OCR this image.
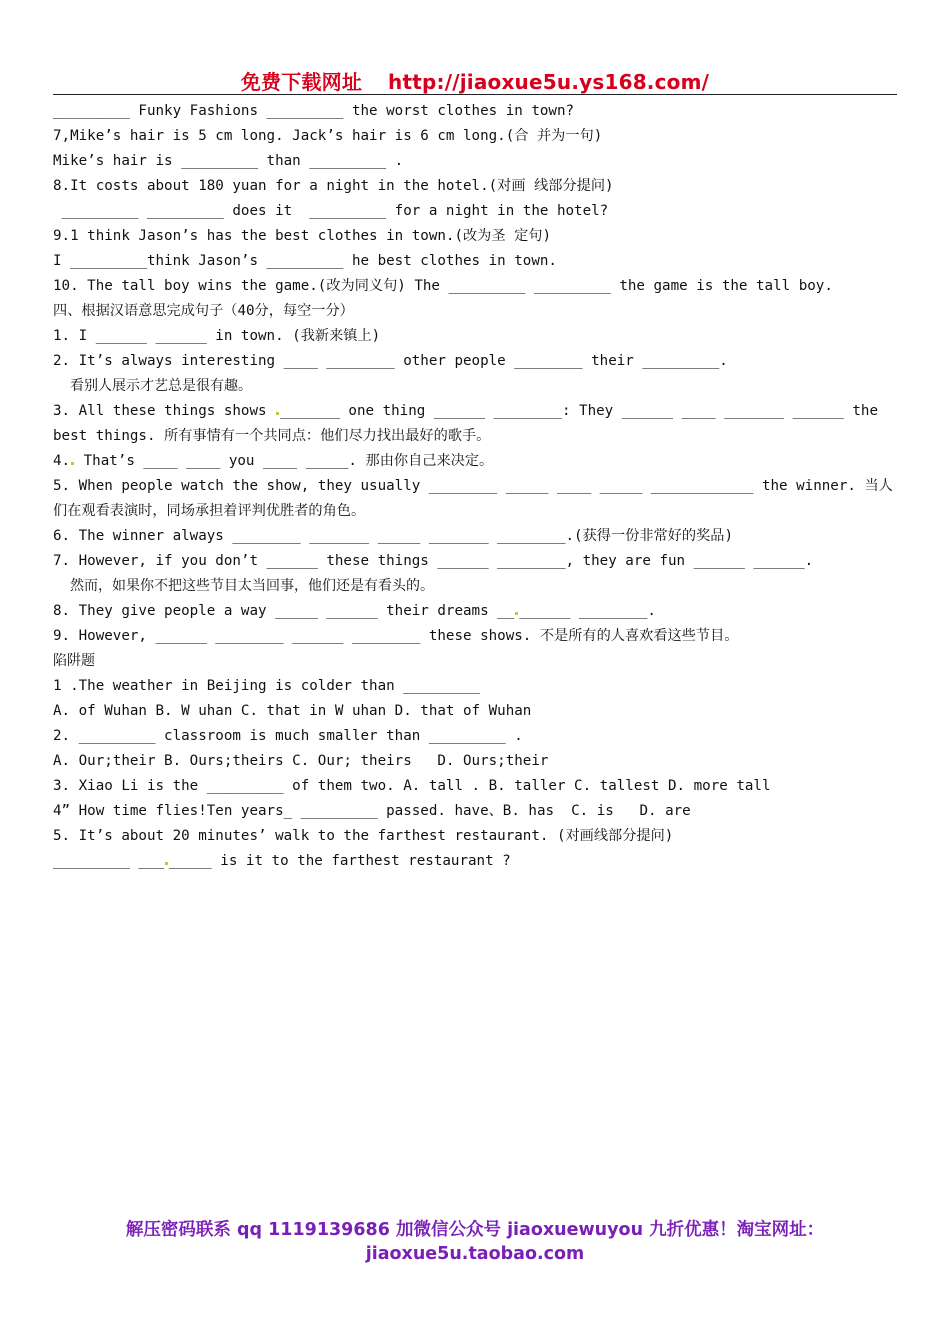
免费下载网址 http://jiaoxue5u.ys168.com/
_________ Funky Fashions _________ the worst clothes in town?
7,Mike’s hair is 5 cm long. Jack’s hair is 6 cm long.(合 并为一句)
Mike’s hair is _________ than _________ .
8.It costs about 180 yuan for a night in the hotel.(对画 线部分提问)
_________ _________ does it  _________ for a night in the hotel?
9.1 think Jason’s has the best clothes in town.(改为圣 定句)
I _________think Jason’s _________ he best clothes in town.
10. The tall boy wins the game.(改为同义句) The _________ _________ the game is the tall boy.
四、根据汉语意思完成句子（40分，每空一分）
1. I ______ ______ in town. (我新来镇上)
2. It’s always interesting ____ ________ other people ________ their _________.
看别人展示才艺总是很有趣。
3. All these things shows _______ one thing ______ ________: They ______ ____ _______ ______ the
best things. 所有事情有一个共同点：他们尽力找出最好的歌手。
4. That’s ____ ____ you ____ _____. 那由你自己来决定。
5. When people watch the show, they usually ________ _____ ____ _____ ____________ the winner. 当人
们在观看表演时，同场承担着评判优胜者的角色。
6. The winner always ________ _______ _____ _______ ________.(获得一份非常好的奖品)
7. However, if you don’t ______ these things ______ ________, they are fun ______ ______.
然而，如果你不把这些节目太当回事，他们还是有看头的。
8. They give people a way _____ ______ their dreams __ ______ ________.
9. However, ______ ________ ______ ________ these shows. 不是所有的人喜欢看这些节目。
陷阱题
1 .The weather in Beijing is colder than _________
A. of Wuhan B. W uhan C. that in W uhan D. that of Wuhan
2. _________ classroom is much smaller than _________ .
A. Our;their B. Ours;theirs C. Our; theirs   D. Ours;their
3. Xiao Li is the _________ of them two. A. tall . B. taller C. tallest D. more tall
4” How time flies!Ten years_ _________ passed. have、B. has  C. is   D. are
5. It’s about 20 minutes’ walk to the farthest restaurant. (对画线部分提问)
_________ ___ _____ is it to the farthest restaurant ?
解压密码联系 qq 1119139686 加微信公众号 jiaoxuewuyou 九折优惠！淘宝网址：
jiaoxue5u.taobao.com
